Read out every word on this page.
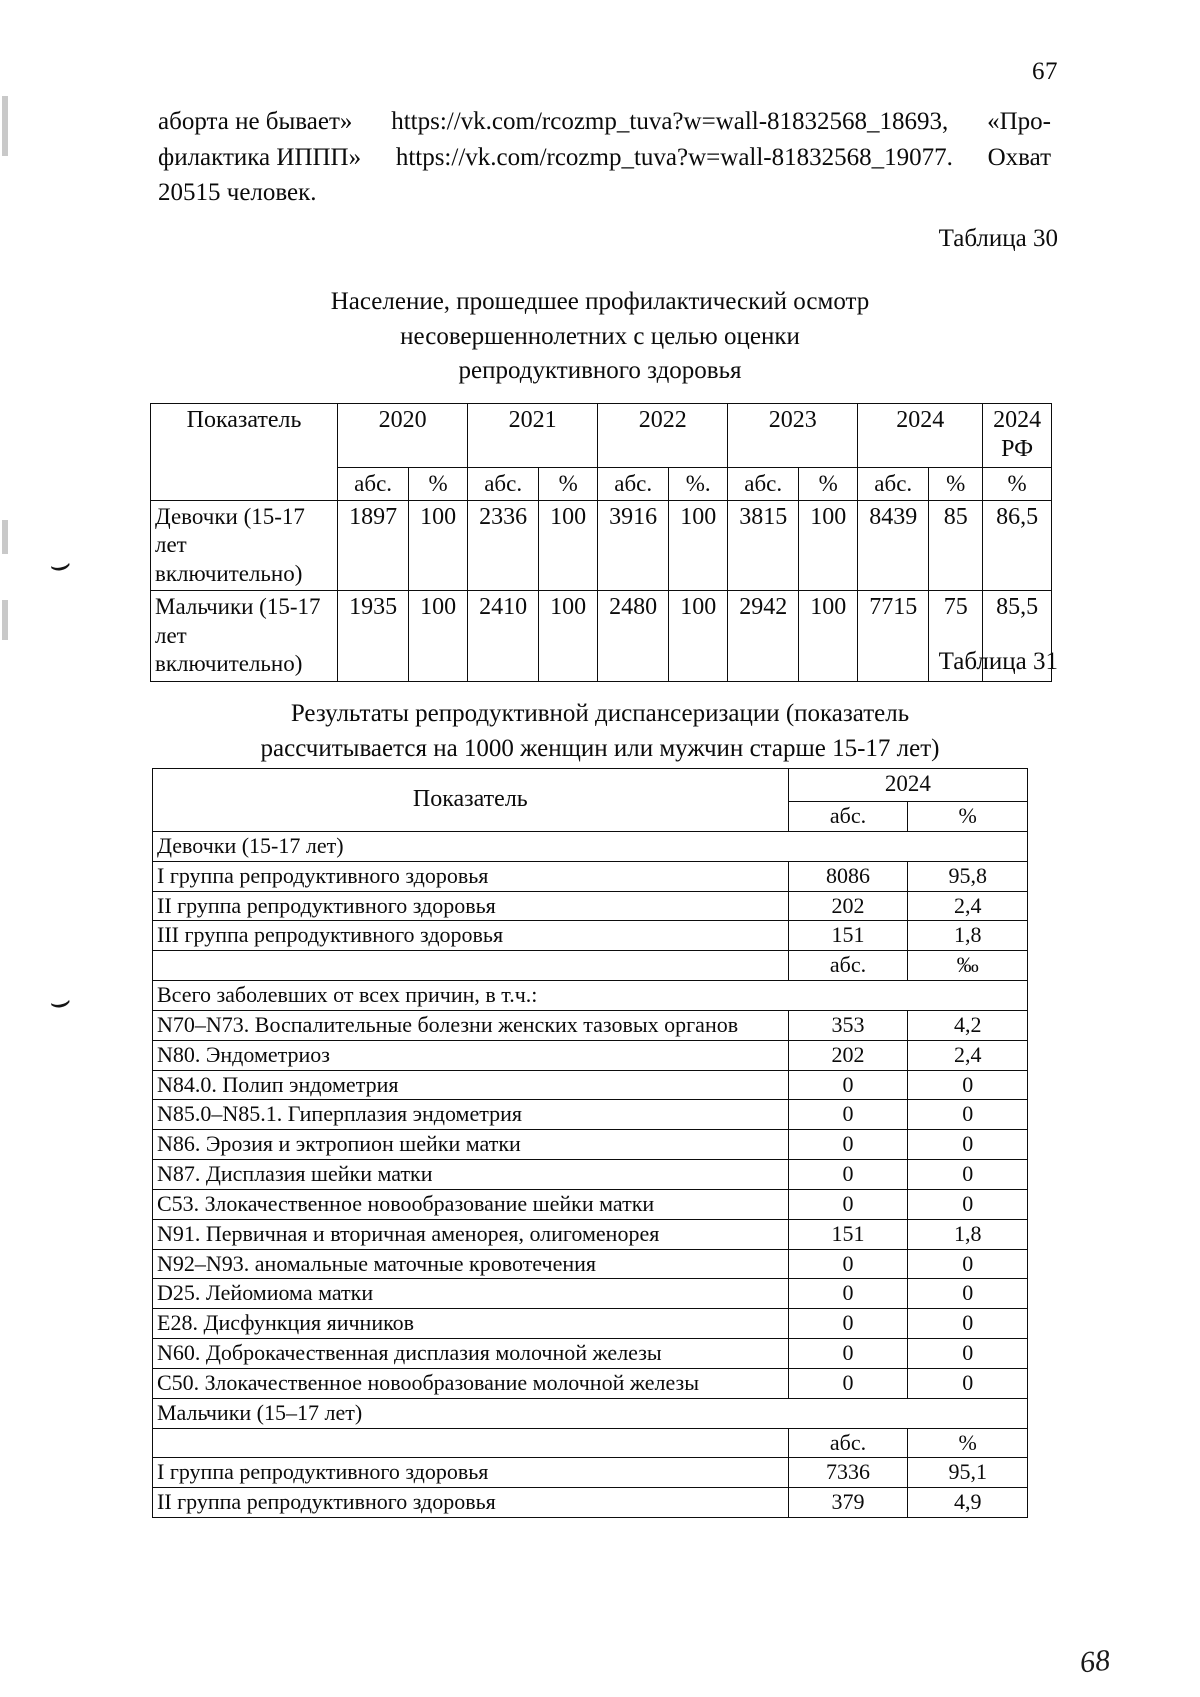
67
аборта не бывает» https://vk.com/rcozmp_tuva?w=wall-81832568_18693, «Про-
филактика ИППП» https://vk.com/rcozmp_tuva?w=wall-81832568_19077. Охват
20515 человек.
Таблица 30
Население, прошедшее профилактический осмотр
несовершеннолетних с целью оценки
репродуктивного здоровья
Показатель	2020		2021		2022		2023		2024		2024
РФ
	абс.	%	абс.	%	абс.	%.	абс.	%	абс.	%	%
Девочки (15-17 лет
включительно)	1897	100	2336	100	3916	100	3815	100	8439	85	86,5
Мальчики (15-17
лет включительно)	1935	100	2410	100	2480	100	2942	100	7715	75	85,5
⌣
Таблица 31
Результаты репродуктивной диспансеризации (показатель
рассчитывается на 1000 женщин или мужчин старше 15-17 лет)
Показатель	2024	
	абс.	%
Девочки (15-17 лет)		
I группа репродуктивного здоровья	8086	95,8
II группа репродуктивного здоровья	202	2,4
III группа репродуктивного здоровья	151	1,8
	абс.	‰
Всего заболевших от всех причин, в т.ч.:		
N70–N73. Воспалительные болезни женских тазовых органов	353	4,2
N80. Эндометриоз	202	2,4
N84.0. Полип эндометрия	0	0
N85.0–N85.1. Гиперплазия эндометрия	0	0
N86. Эрозия и эктропион шейки матки	0	0
N87. Дисплазия шейки матки	0	0
C53. Злокачественное новообразование шейки матки	0	0
N91. Первичная и вторичная аменорея, олигоменорея	151	1,8
N92–N93. аномальные маточные кровотечения	0	0
D25. Лейомиома матки	0	0
E28. Дисфункция яичников	0	0
N60. Доброкачественная дисплазия молочной железы	0	0
C50. Злокачественное новообразование молочной железы	0	0
Мальчики (15–17 лет)		
	абс.	%
I группа репродуктивного здоровья	7336	95,1
II группа репродуктивного здоровья	379	4,9
⌣
68
